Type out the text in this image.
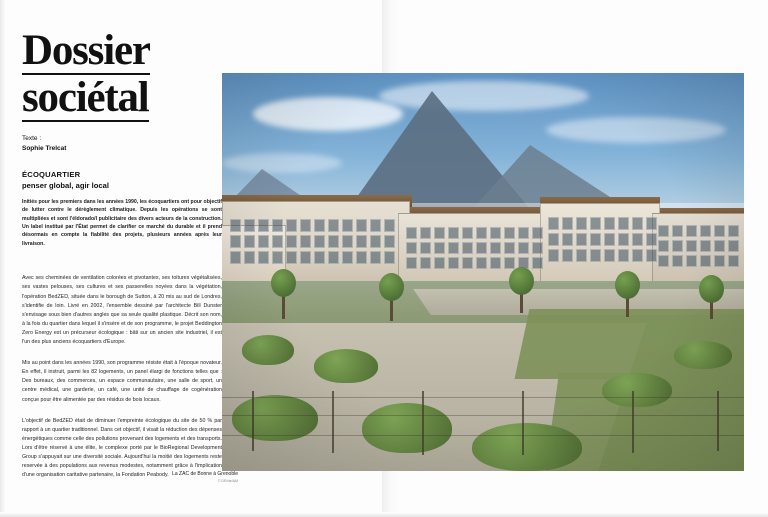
Dossier sociétal
Texte :
Sophie Trelcat
ÉCOQUARTIER
penser global, agir local
Initiés pour les premiers dans les années 1990, les écoquartiers ont pour objectif de lutter contre le dérèglement climatique. Depuis les opérations se sont multipliées et sont l'éldorado/l publicitaire des divers acteurs de la construction. Un label institué par l'État permet de clarifier ce marché du durable et il prend désormais en compte la fiabilité des projets, plusieurs années après leur livraison.
Avec ses cheminées de ventilation colorées et pivotantes, ses toitures végétalisées, ses vastes pelouses, ses cultures et ses passerelles noyées dans la végétation, l'opération BedZED, située dans le borough de Sutton, à 20 mis au sud de Londres, s'identifie de loin. Livré en 2002, l'ensemble dessiné par l'architecte Bill Dunster s'envisage sous bien d'autres angles que sa seule qualité plastique. Décrit son nom, à la fois du quartier dans lequel il s'insère et de son programme, le projet Beddington Zero Energy est un précurseur écologique : bâti sur un ancien site industriel, il est l'un des plus anciens écoquartiers d'Europe.
Mis au point dans les années 1990, son programme résiste était à l'époque novateur. En effet, il instruit, parmi les 82 logements, un panel élargi de fonctions telles que : Des bureaux, des commerces, un espace communautaire, une salle de sport, un centre médical, une garderie, un café, une unité de chauffage de cogénération conçue pour être alimentée par des résidus de bois locaux.
L'objectif de BedZED était de diminuer l'empreinte écologique du site de 50 % par rapport à un quartier traditionnel. Dans cet objectif, il visait la réduction des dépenses énergétiques comme celle des pollutions provenant des logements et des transports. Lors d'être réservé à une élite, le complexe porté par le BioRegional Development Group s'appuyait sur une diversité sociale. Aujourd'hui la moitié des logements reste reservée à des populations aux revenus modestes, notamment grâce à l'implication d'une organisation caritative partenaire, la Fondation Peabody. La ZAC de Bonne à Grenoble
© DR/de/AM
